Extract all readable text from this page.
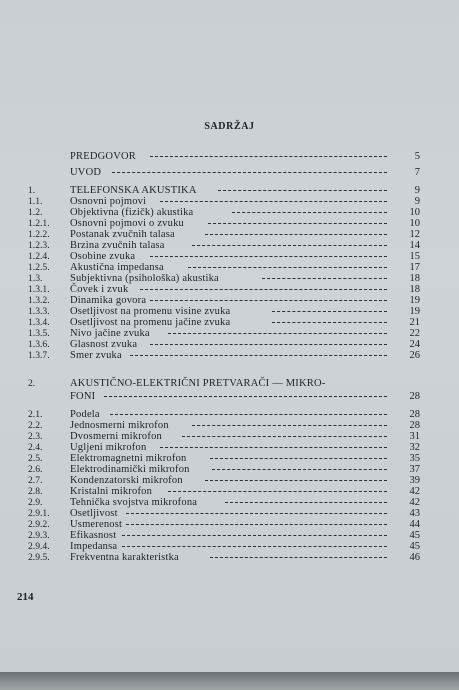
SADRŽAJ
PREDGOVOR	5
UVOD	7
1.	TELEFONSKA AKUSTIKA	9
1.1.	Osnovni pojmovi	9
1.2.	Objektivna (fizičk) akustika	10
1.2.1.	Osnovni pojmovi o zvuku	10
1.2.2.	Postanak zvučnih talasa	12
1.2.3.	Brzina zvučnih talasa	14
1.2.4.	Osobine zvuka	15
1.2.5.	Akustična impedansa	17
1.3.	Subjektivna (psihološka) akustika	18
1.3.1.	Čovek i zvuk	18
1.3.2.	Dinamika govora	19
1.3.3.	Osetljivost na promenu visine zvuka	19
1.3.4.	Osetljivost na promenu jačine zvuka	21
1.3.5.	Nivo jačine zvuka	22
1.3.6.	Glasnost zvuka	24
1.3.7.	Smer zvuka	26
2.	AKUSTIČNO-ELEKTRIČNI PRETVARAČI — MIKRO-
FONI	28
2.1.	Podela	28
2.2.	Jednosmerni mikrofon	28
2.3.	Dvosmerni mikrofon	31
2.4.	Ugljeni mikrofon	32
2.5.	Elektromagnetni mikrofon	35
2.6.	Elektrodinamički mikrofon	37
2.7.	Kondenzatorski mikrofon	39
2.8.	Kristalni mikrofon	42
2.9.	Tehnička svojstva mikrofona	42
2.9.1.	Osetljivost	43
2.9.2.	Usmerenost	44
2.9.3.	Efikasnost	45
2.9.4.	Impedansa	45
2.9.5.	Frekventna karakteristka	46
214
